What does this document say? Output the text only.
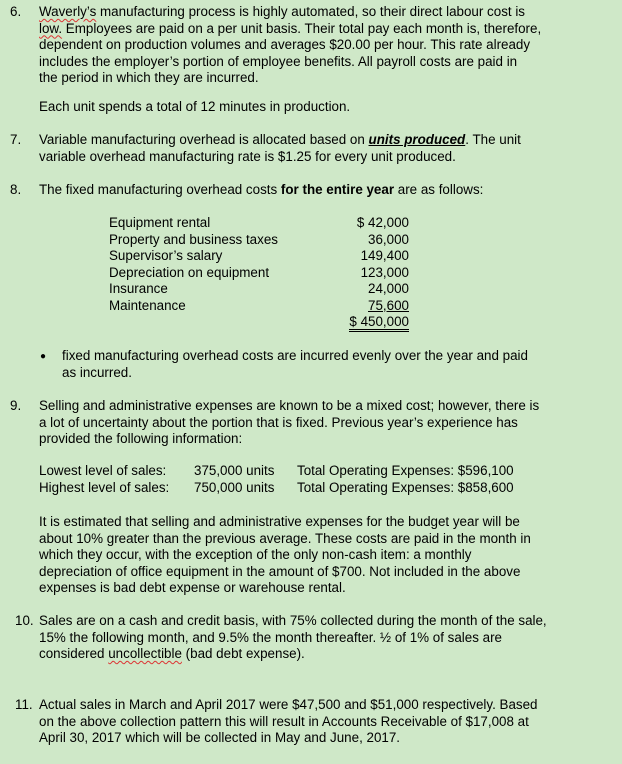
6. Waverly’s manufacturing process is highly automated, so their direct labour cost is
low. Employees are paid on a per unit basis. Their total pay each month is, therefore,
dependent on production volumes and averages $20.00 per hour. This rate already
includes the employer’s portion of employee benefits. All payroll costs are paid in
the period in which they are incurred.
Each unit spends a total of 12 minutes in production.
7. Variable manufacturing overhead is allocated based on units produced. The unit
variable overhead manufacturing rate is $1.25 for every unit produced.
8. The fixed manufacturing overhead costs for the entire year are as follows:
Equipment rental	$ 42,000
Property and business taxes	36,000
Supervisor’s salary	149,400
Depreciation on equipment	123,000
Insurance	24,000
Maintenance	75,600
$ 450,000
● fixed manufacturing overhead costs are incurred evenly over the year and paid
as incurred.
9. Selling and administrative expenses are known to be a mixed cost; however, there is
a lot of uncertainty about the portion that is fixed. Previous year’s experience has
provided the following information:
Lowest level of sales: 375,000 units Total Operating Expenses: $596,100
Highest level of sales: 750,000 units Total Operating Expenses: $858,600
It is estimated that selling and administrative expenses for the budget year will be
about 10% greater than the previous average. These costs are paid in the month in
which they occur, with the exception of the only non-cash item: a monthly
depreciation of office equipment in the amount of $700. Not included in the above
expenses is bad debt expense or warehouse rental.
10. Sales are on a cash and credit basis, with 75% collected during the month of the sale,
15% the following month, and 9.5% the month thereafter. ½ of 1% of sales are
considered uncollectible (bad debt expense).
11. Actual sales in March and April 2017 were $47,500 and $51,000 respectively. Based
on the above collection pattern this will result in Accounts Receivable of $17,008 at
April 30, 2017 which will be collected in May and June, 2017.
